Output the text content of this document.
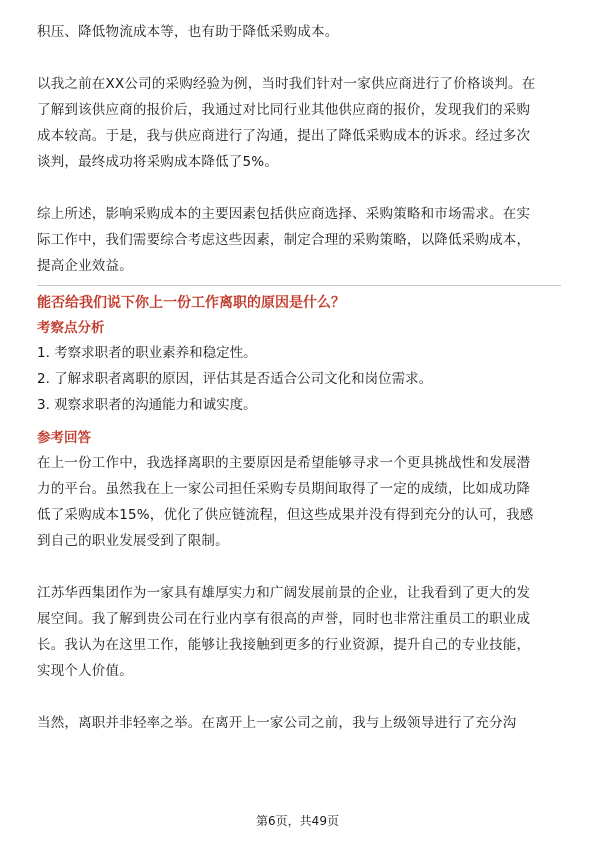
积压、降低物流成本等，也有助于降低采购成本。

以我之前在XX公司的采购经验为例，当时我们针对一家供应商进行了价格谈判。在
了解到该供应商的报价后，我通过对比同行业其他供应商的报价，发现我们的采购
成本较高。于是，我与供应商进行了沟通，提出了降低采购成本的诉求。经过多次
谈判，最终成功将采购成本降低了5%。

综上所述，影响采购成本的主要因素包括供应商选择、采购策略和市场需求。在实
际工作中，我们需要综合考虑这些因素，制定合理的采购策略，以降低采购成本，
提高企业效益。

能否给我们说下你上一份工作离职的原因是什么？

考察点分析

1. 考察求职者的职业素养和稳定性。

2. 了解求职者离职的原因，评估其是否适合公司文化和岗位需求。

3. 观察求职者的沟通能力和诚实度。

参考回答

在上一份工作中，我选择离职的主要原因是希望能够寻求一个更具挑战性和发展潜
力的平台。虽然我在上一家公司担任采购专员期间取得了一定的成绩，比如成功降
低了采购成本15%，优化了供应链流程，但这些成果并没有得到充分的认可，我感
到自己的职业发展受到了限制。

江苏华西集团作为一家具有雄厚实力和广阔发展前景的企业，让我看到了更大的发
展空间。我了解到贵公司在行业内享有很高的声誉，同时也非常注重员工的职业成
长。我认为在这里工作，能够让我接触到更多的行业资源，提升自己的专业技能，
实现个人价值。

当然，离职并非轻率之举。在离开上一家公司之前，我与上级领导进行了充分沟

第6页，共49页
